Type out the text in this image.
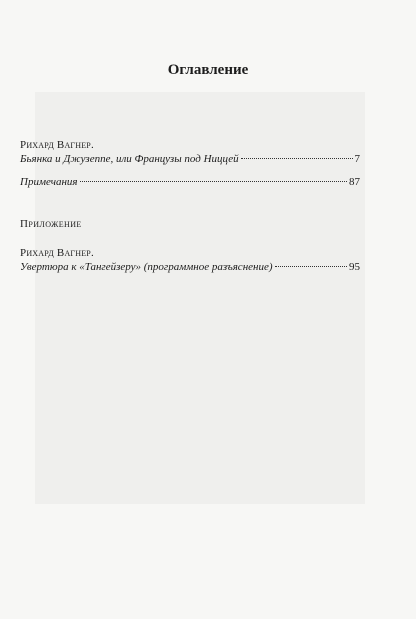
Оглавление
Рихард Вагнер.
Бьянка и Джузеппе, или Французы под Ниццей	7
Примечания	87
Приложение
Рихард Вагнер.
Увертюра к «Тангейзеру» (программное разъяснение)	95
